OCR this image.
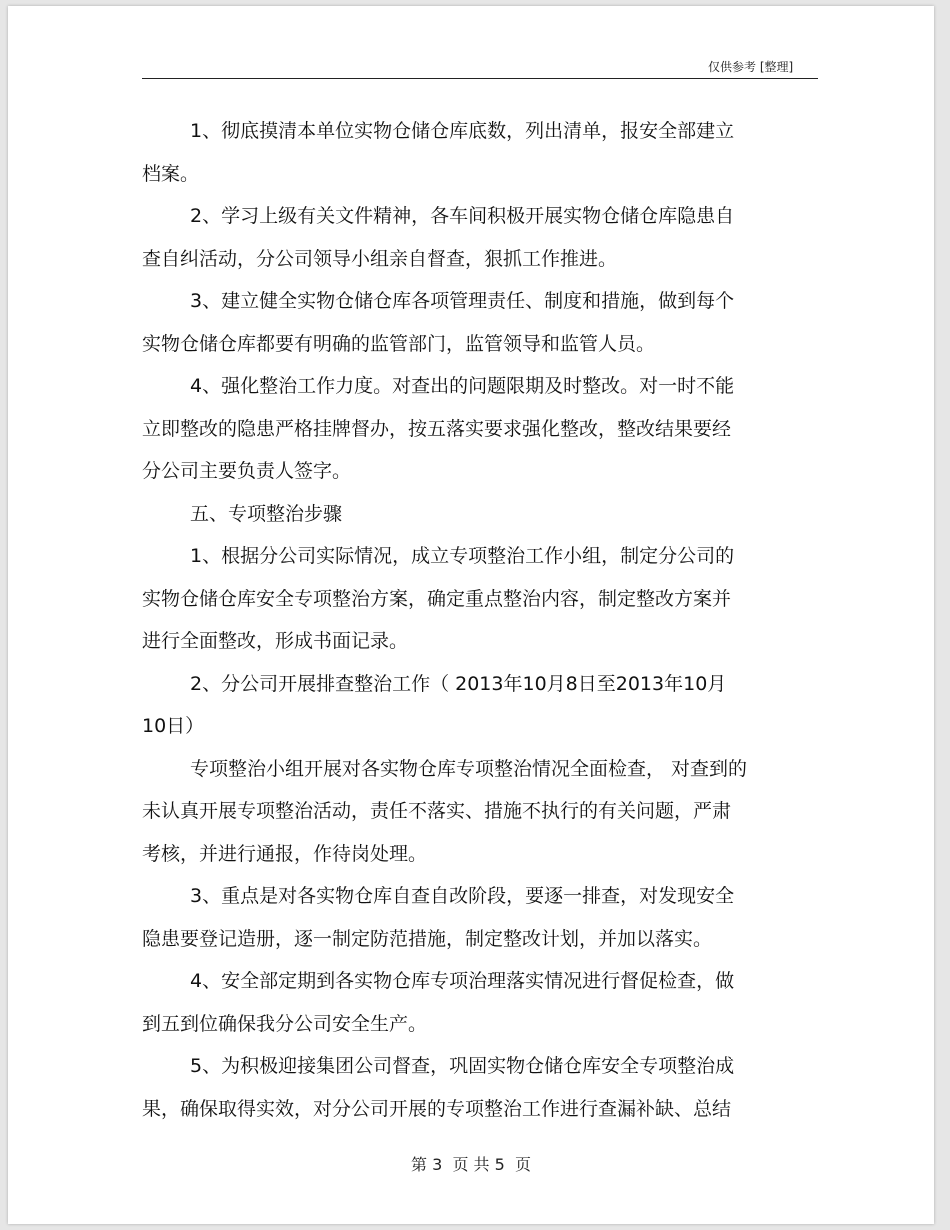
仅供参考 [整理]
1、彻底摸清本单位实物仓储仓库底数，列出清单，报安全部建立
档案。
2、学习上级有关文件精神，各车间积极开展实物仓储仓库隐患自
查自纠活动，分公司领导小组亲自督查，狠抓工作推进。
3、建立健全实物仓储仓库各项管理责任、制度和措施，做到每个
实物仓储仓库都要有明确的监管部门，监管领导和监管人员。
4、强化整治工作力度。对查出的问题限期及时整改。对一时不能
立即整改的隐患严格挂牌督办，按五落实要求强化整改，整改结果要经
分公司主要负责人签字。
五、专项整治步骤
1、根据分公司实际情况，成立专项整治工作小组，制定分公司的
实物仓储仓库安全专项整治方案，确定重点整治内容，制定整改方案并
进行全面整改，形成书面记录。
2、分公司开展排查整治工作（ 2013年10月8日至2013年10月
10日）
专项整治小组开展对各实物仓库专项整治情况全面检查， 对查到的
未认真开展专项整治活动，责任不落实、措施不执行的有关问题，严肃
考核，并进行通报，作待岗处理。
3、重点是对各实物仓库自查自改阶段，要逐一排查，对发现安全
隐患要登记造册，逐一制定防范措施，制定整改计划，并加以落实。
4、安全部定期到各实物仓库专项治理落实情况进行督促检查，做
到五到位确保我分公司安全生产。
5、为积极迎接集团公司督查，巩固实物仓储仓库安全专项整治成
果，确保取得实效，对分公司开展的专项整治工作进行查漏补缺、总结
第 3  页 共 5  页
